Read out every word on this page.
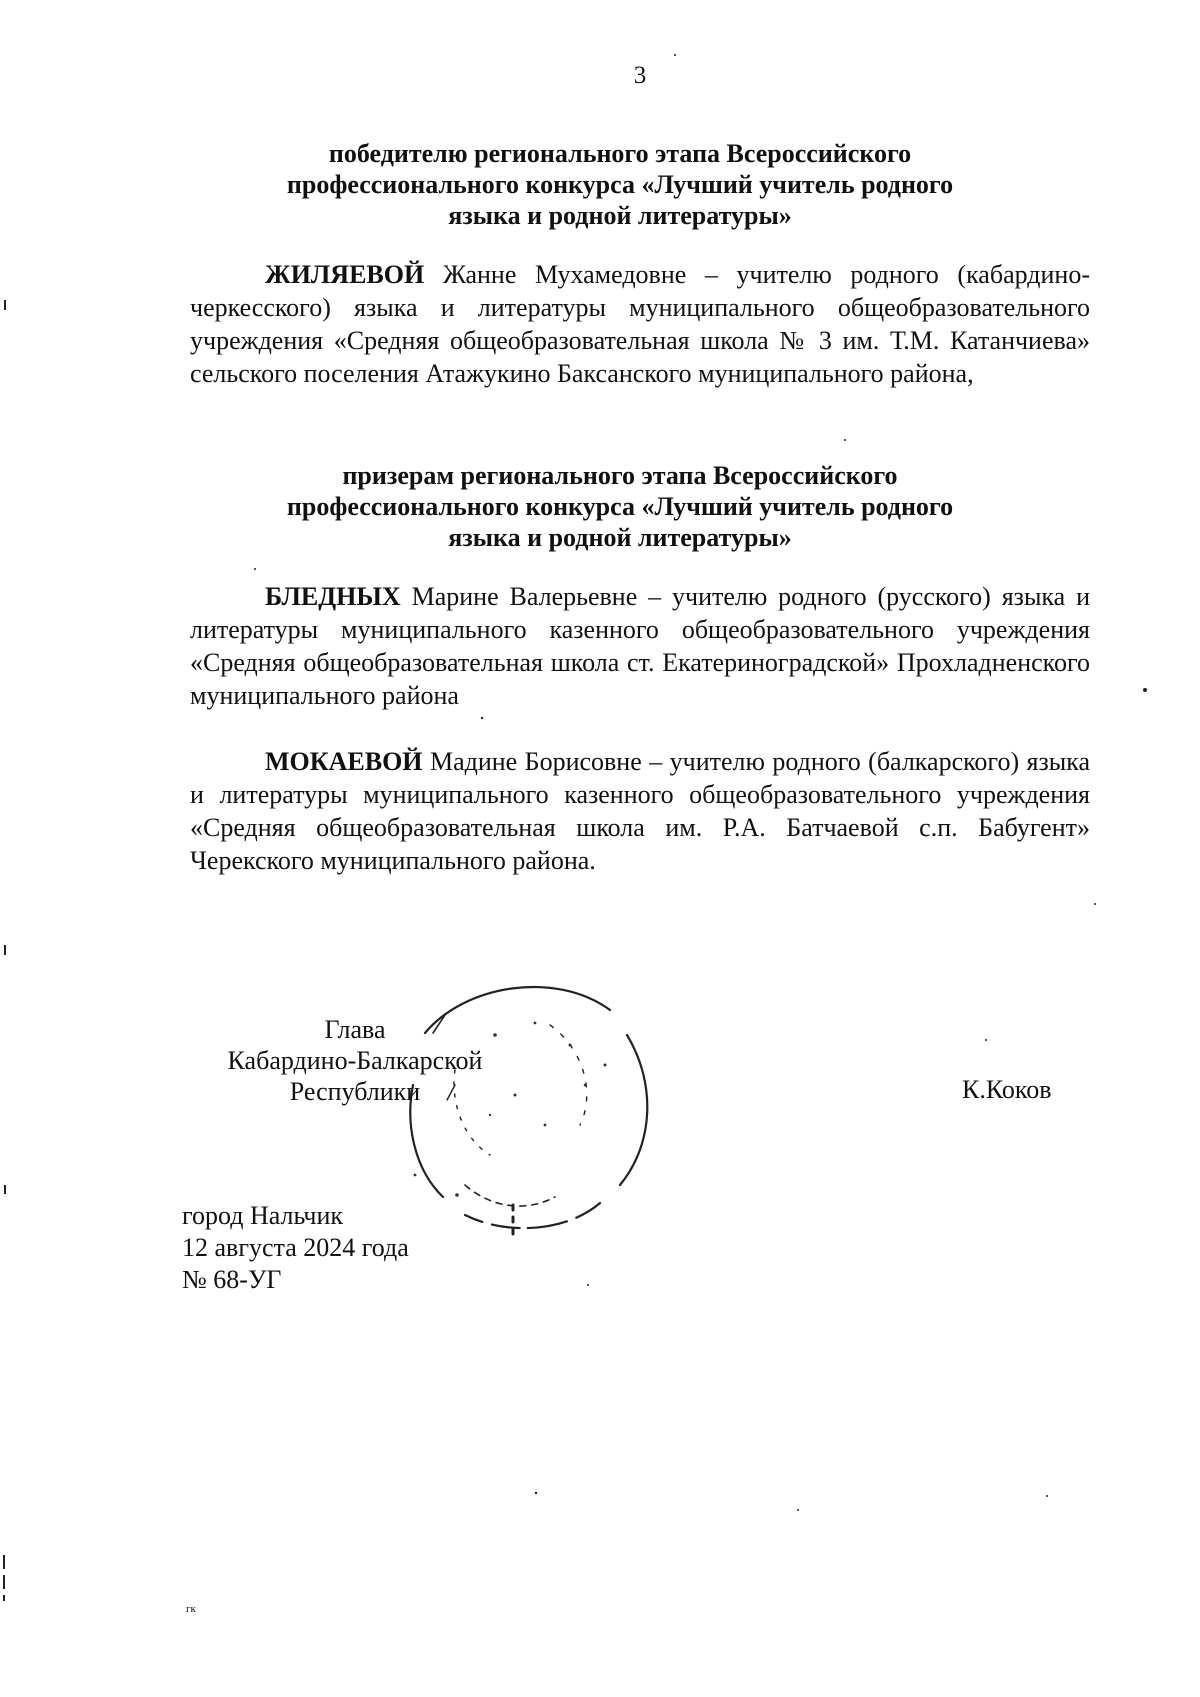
3
победителю регионального этапа Всероссийского профессионального конкурса «Лучший учитель родного языка и родной литературы»
ЖИЛЯЕВОЙ Жанне Мухамедовне – учителю родного (кабардино-черкесского) языка и литературы муниципального общеобразовательного учреждения «Средняя общеобразовательная школа № 3 им. Т.М. Катанчиева» сельского поселения Атажукино Баксанского муниципального района,
призерам регионального этапа Всероссийского профессионального конкурса «Лучший учитель родного языка и родной литературы»
БЛЕДНЫХ Марине Валерьевне – учителю родного (русского) языка и литературы муниципального казенного общеобразовательного учреждения «Средняя общеобразовательная школа ст. Екатериноградской» Прохладненского муниципального района
МОКАЕВОЙ Мадине Борисовне – учителю родного (балкарского) языка и литературы муниципального казенного общеобразовательного учреждения «Средняя общеобразовательная школа им. Р.А. Батчаевой с.п. Бабугент» Черекского муниципального района.
Глава
Кабардино-Балкарской
Республики	К.Коков
город Нальчик
12 августа 2024 года
№ 68-УГ
гк
